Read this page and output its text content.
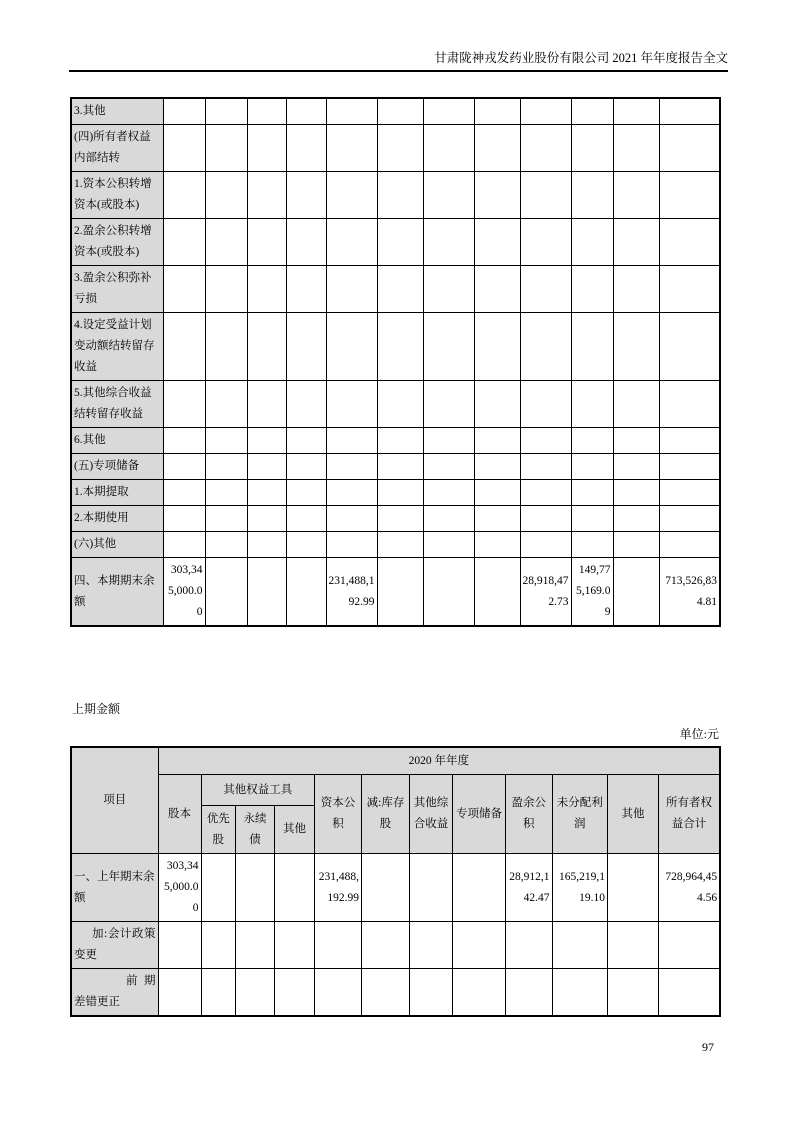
甘肃陇神戎发药业股份有限公司 2021 年年度报告全文
3.其他												
(四)所有者权益内部结转												
1.资本公积转增资本(或股本)												
2.盈余公积转增资本(或股本)												
3.盈余公积弥补亏损												
4.设定受益计划变动额结转留存收益												
5.其他综合收益结转留存收益												
6.其他												
(五)专项储备												
1.本期提取												
2.本期使用												
(六)其他												
四、本期期末余额	303,345,000.00				231,488,192.99				28,918,472.73	149,775,169.09		713,526,834.81
上期金额
单位:元
项目	2020 年年度											
	股本	其他权益工具			资本公积	减:库存股	其他综合收益	专项储备	盈余公积	未分配利润	其他	所有者权益合计
		优先股	永续债	其他								
一、上年期末余额	303,345,000.00				231,488,192.99				28,912,142.47	165,219,119.10		728,964,454.56
加:会计政策变更												
前期差错更正												
97
